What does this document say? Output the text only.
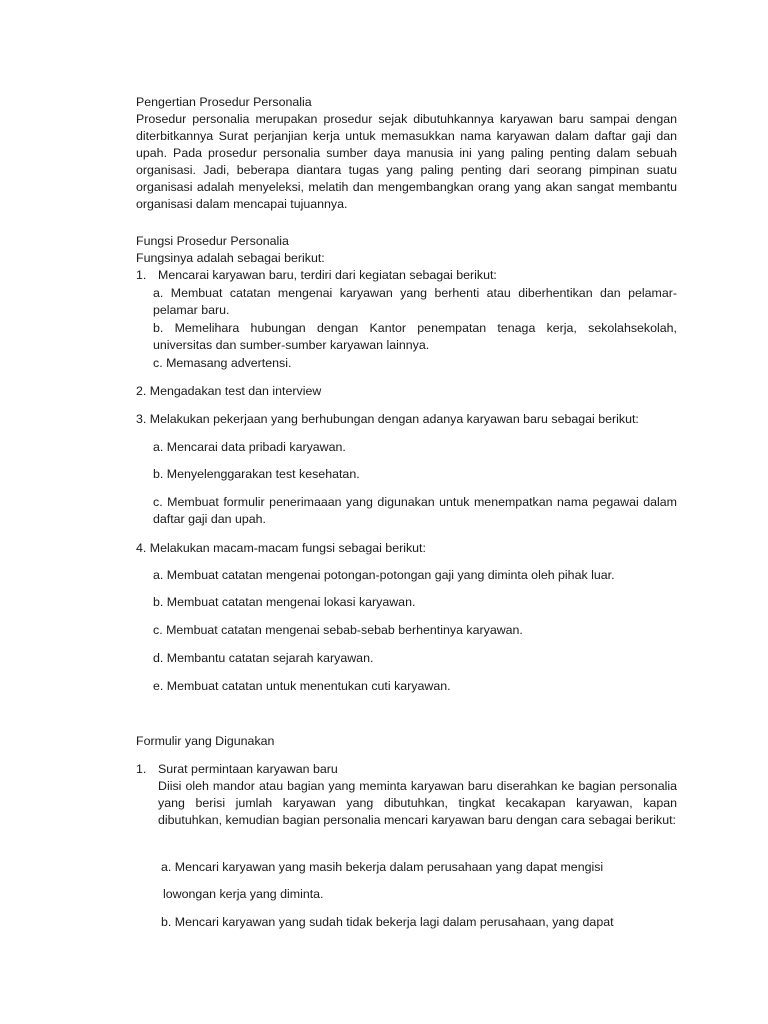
Pengertian Prosedur Personalia

Prosedur personalia merupakan prosedur sejak dibutuhkannya karyawan baru sampai dengan diterbitkannya Surat perjanjian kerja untuk memasukkan nama karyawan dalam daftar gaji dan upah. Pada prosedur personalia sumber daya manusia ini yang paling penting dalam sebuah organisasi. Jadi, beberapa diantara tugas yang paling penting dari seorang pimpinan suatu organisasi adalah menyeleksi, melatih dan mengembangkan orang yang akan sangat membantu organisasi dalam mencapai tujuannya.

Fungsi Prosedur Personalia
Fungsinya adalah sebagai berikut:
1. Mencarai karyawan baru, terdiri dari kegiatan sebagai berikut:

a. Membuat catatan mengenai karyawan yang berhenti atau diberhentikan dan pelamar-pelamar baru.

b. Memelihara hubungan dengan Kantor penempatan tenaga kerja, sekolahsekolah, universitas dan sumber-sumber karyawan lainnya.

c. Memasang advertensi.
2. Mengadakan test dan interview
3. Melakukan pekerjaan yang berhubungan dengan adanya karyawan baru sebagai berikut:
a. Mencarai data pribadi karyawan.
b. Menyelenggarakan test kesehatan.

c. Membuat formulir penerimaaan yang digunakan untuk menempatkan nama pegawai dalam daftar gaji dan upah.

4. Melakukan macam-macam fungsi sebagai berikut:
a. Membuat catatan mengenai potongan-potongan gaji yang diminta oleh pihak luar.
b. Membuat catatan mengenai lokasi karyawan.
c. Membuat catatan mengenai sebab-sebab berhentinya karyawan.
d. Membantu catatan sejarah karyawan.
e. Membuat catatan untuk menentukan cuti karyawan.
Formulir yang Digunakan
1. Surat permintaan karyawan baru

Diisi oleh mandor atau bagian yang meminta karyawan baru diserahkan ke bagian personalia yang berisi jumlah karyawan yang dibutuhkan, tingkat kecakapan karyawan, kapan dibutuhkan, kemudian bagian personalia mencari karyawan baru dengan cara sebagai berikut:

a. Mencari karyawan yang masih bekerja dalam perusahaan yang dapat mengisi
lowongan kerja yang diminta.
b. Mencari karyawan yang sudah tidak bekerja lagi dalam perusahaan, yang dapat
